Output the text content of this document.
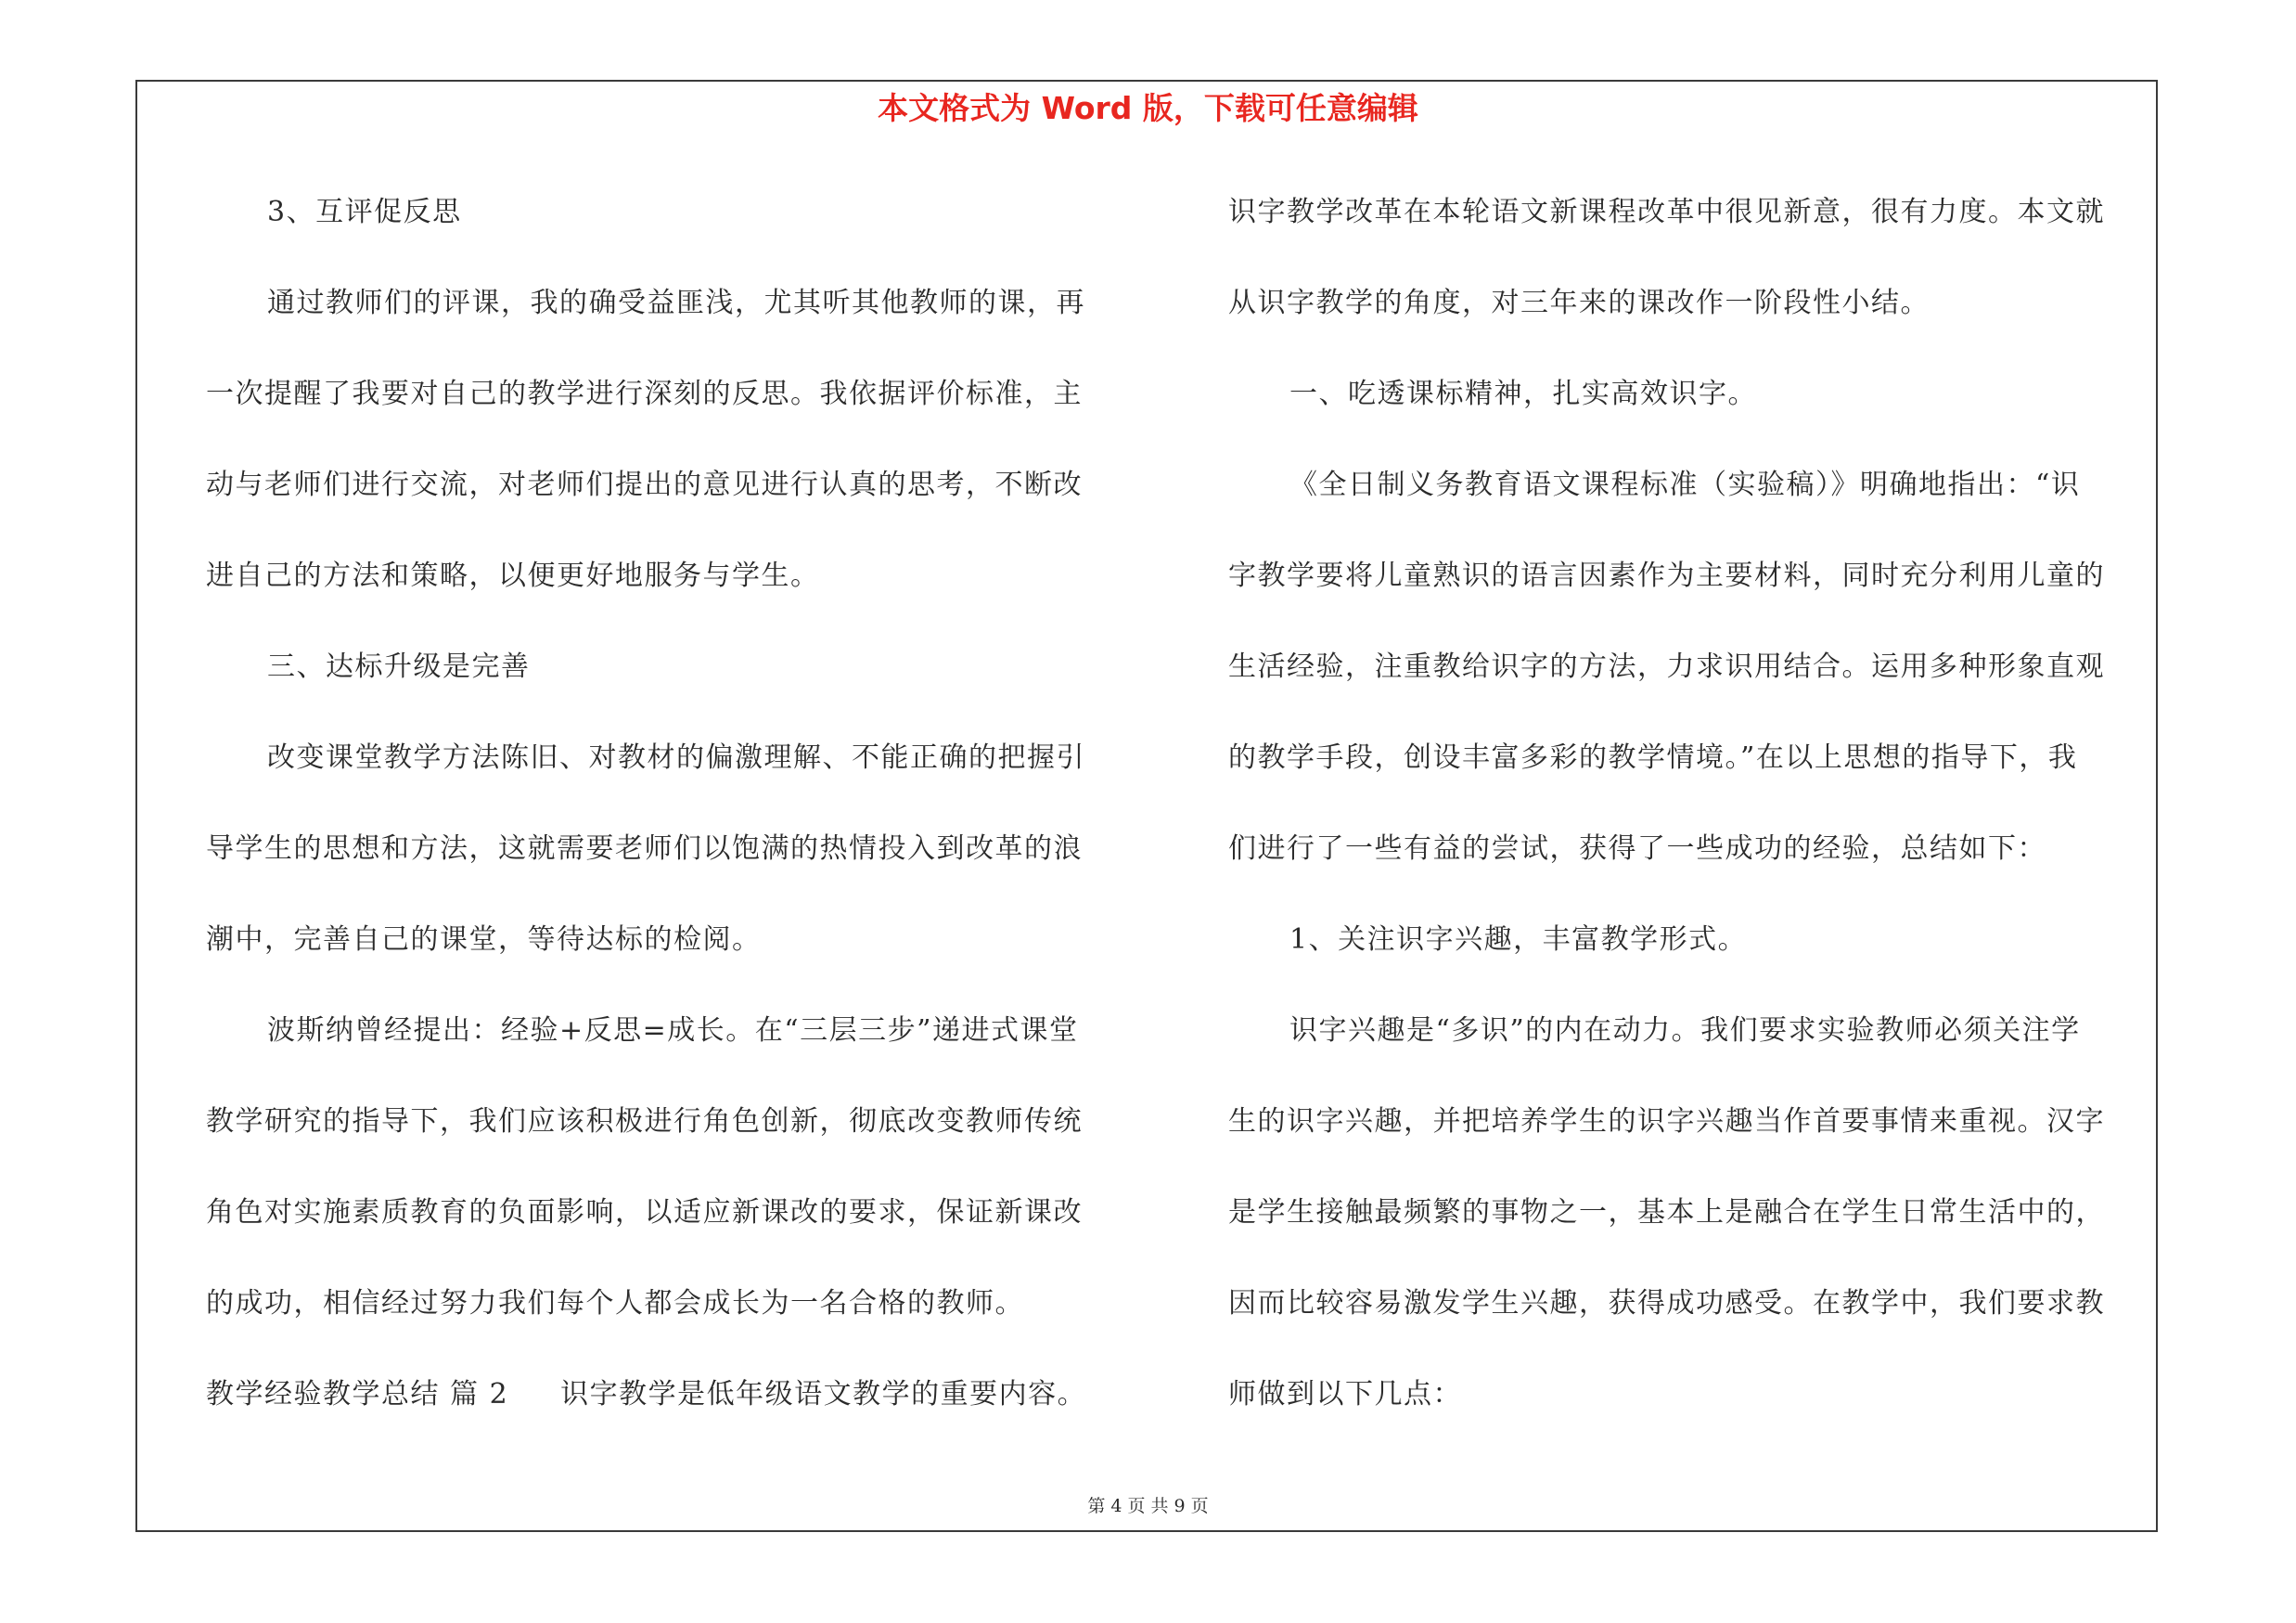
本文格式为 Word 版，下载可任意编辑
3、互评促反思
通过教师们的评课，我的确受益匪浅，尤其听其他教师的课，再
一次提醒了我要对自己的教学进行深刻的反思。我依据评价标准，主
动与老师们进行交流，对老师们提出的意见进行认真的思考，不断改
进自己的方法和策略，以便更好地服务与学生。
三、达标升级是完善
改变课堂教学方法陈旧、对教材的偏激理解、不能正确的把握引
导学生的思想和方法，这就需要老师们以饱满的热情投入到改革的浪
潮中，完善自己的课堂，等待达标的检阅。
波斯纳曾经提出：经验+反思=成长。在“三层三步”递进式课堂
教学研究的指导下，我们应该积极进行角色创新，彻底改变教师传统
角色对实施素质教育的负面影响，以适应新课改的要求，保证新课改
的成功，相信经过努力我们每个人都会成长为一名合格的教师。
教学经验教学总结 篇 2 识字教学是低年级语文教学的重要内容。
识字教学改革在本轮语文新课程改革中很见新意，很有力度。本文就
从识字教学的角度，对三年来的课改作一阶段性小结。
一、吃透课标精神，扎实高效识字。
《全日制义务教育语文课程标准（实验稿）》明确地指出：“识
字教学要将儿童熟识的语言因素作为主要材料，同时充分利用儿童的
生活经验，注重教给识字的方法，力求识用结合。运用多种形象直观
的教学手段，创设丰富多彩的教学情境。”在以上思想的指导下，我
们进行了一些有益的尝试，获得了一些成功的经验，总结如下：
1、关注识字兴趣，丰富教学形式。
识字兴趣是“多识”的内在动力。我们要求实验教师必须关注学
生的识字兴趣，并把培养学生的识字兴趣当作首要事情来重视。汉字
是学生接触最频繁的事物之一，基本上是融合在学生日常生活中的，
因而比较容易激发学生兴趣，获得成功感受。在教学中，我们要求教
师做到以下几点：
第 4 页 共 9 页
